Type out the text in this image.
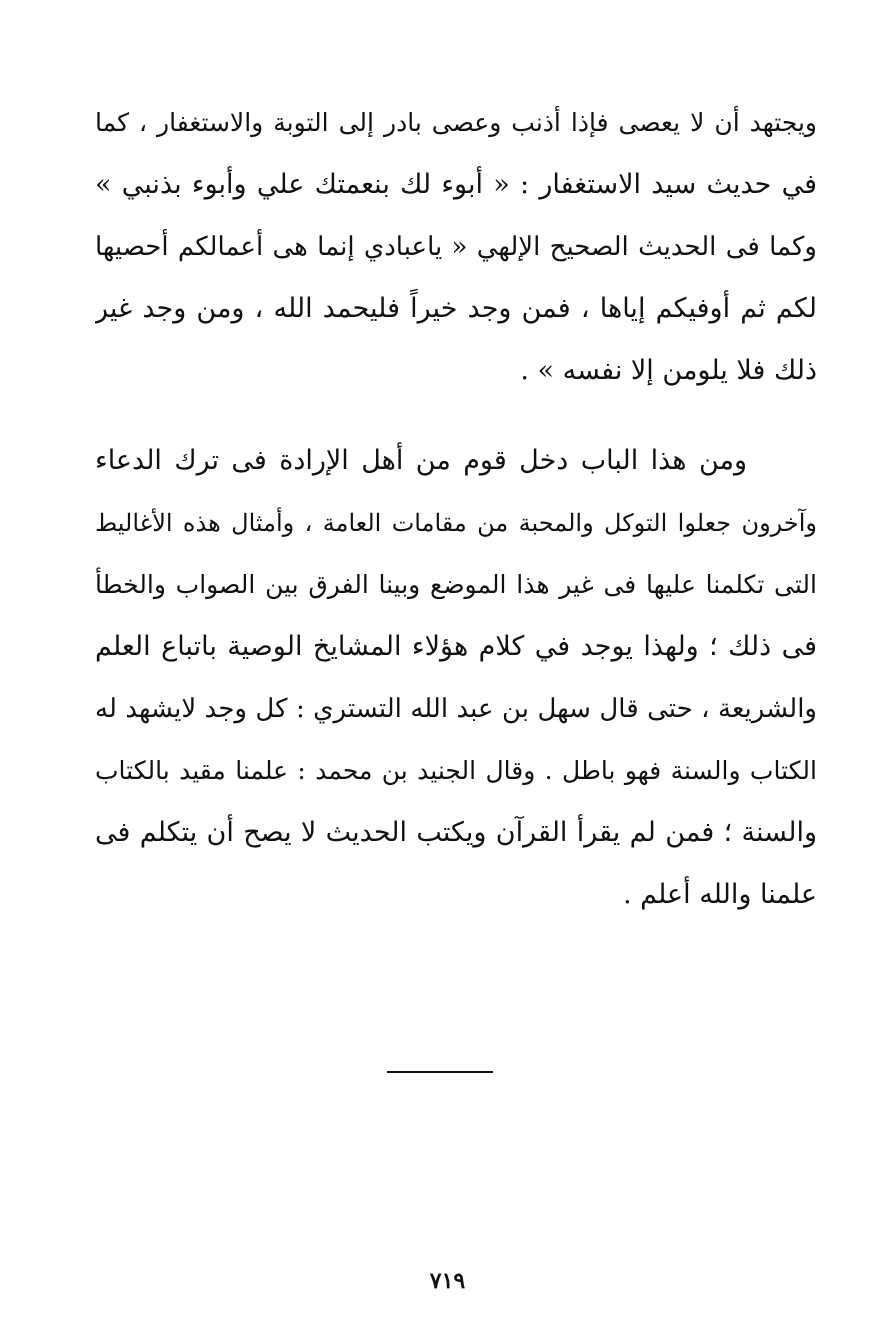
ويجتهد أن لا يعصى فإذا أذنب وعصى بادر إلى التوبة والاستغفار ، كما
في حديث سيد الاستغفار : « أبوء لك بنعمتك علي وأبوء بذنبي »
وكما فى الحديث الصحيح الإلهي « ياعبادي إنما هى أعمالكم أحصيها
لكم ثم أوفيكم إياها ، فمن وجد خيراً فليحمد الله ، ومن وجد غير
ذلك فلا يلومن إلا نفسه » .
ومن هذا الباب دخل قوم من أهل الإرادة فى ترك الدعاء
وآخرون جعلوا التوكل والمحبة من مقامات العامة ، وأمثال هذه الأغاليط
التى تكلمنا عليها فى غير هذا الموضع وبينا الفرق بين الصواب والخطأ
فى ذلك ؛ ولهذا يوجد في كلام هؤلاء المشايخ الوصية باتباع العلم
والشريعة ، حتى قال سهل بن عبد الله التستري : كل وجد لايشهد له
الكتاب والسنة فهو باطل . وقال الجنيد بن محمد : علمنا مقيد بالكتاب
والسنة ؛ فمن لم يقرأ القرآن ويكتب الحديث لا يصح أن يتكلم فى
علمنا والله أعلم .
٧١٩
